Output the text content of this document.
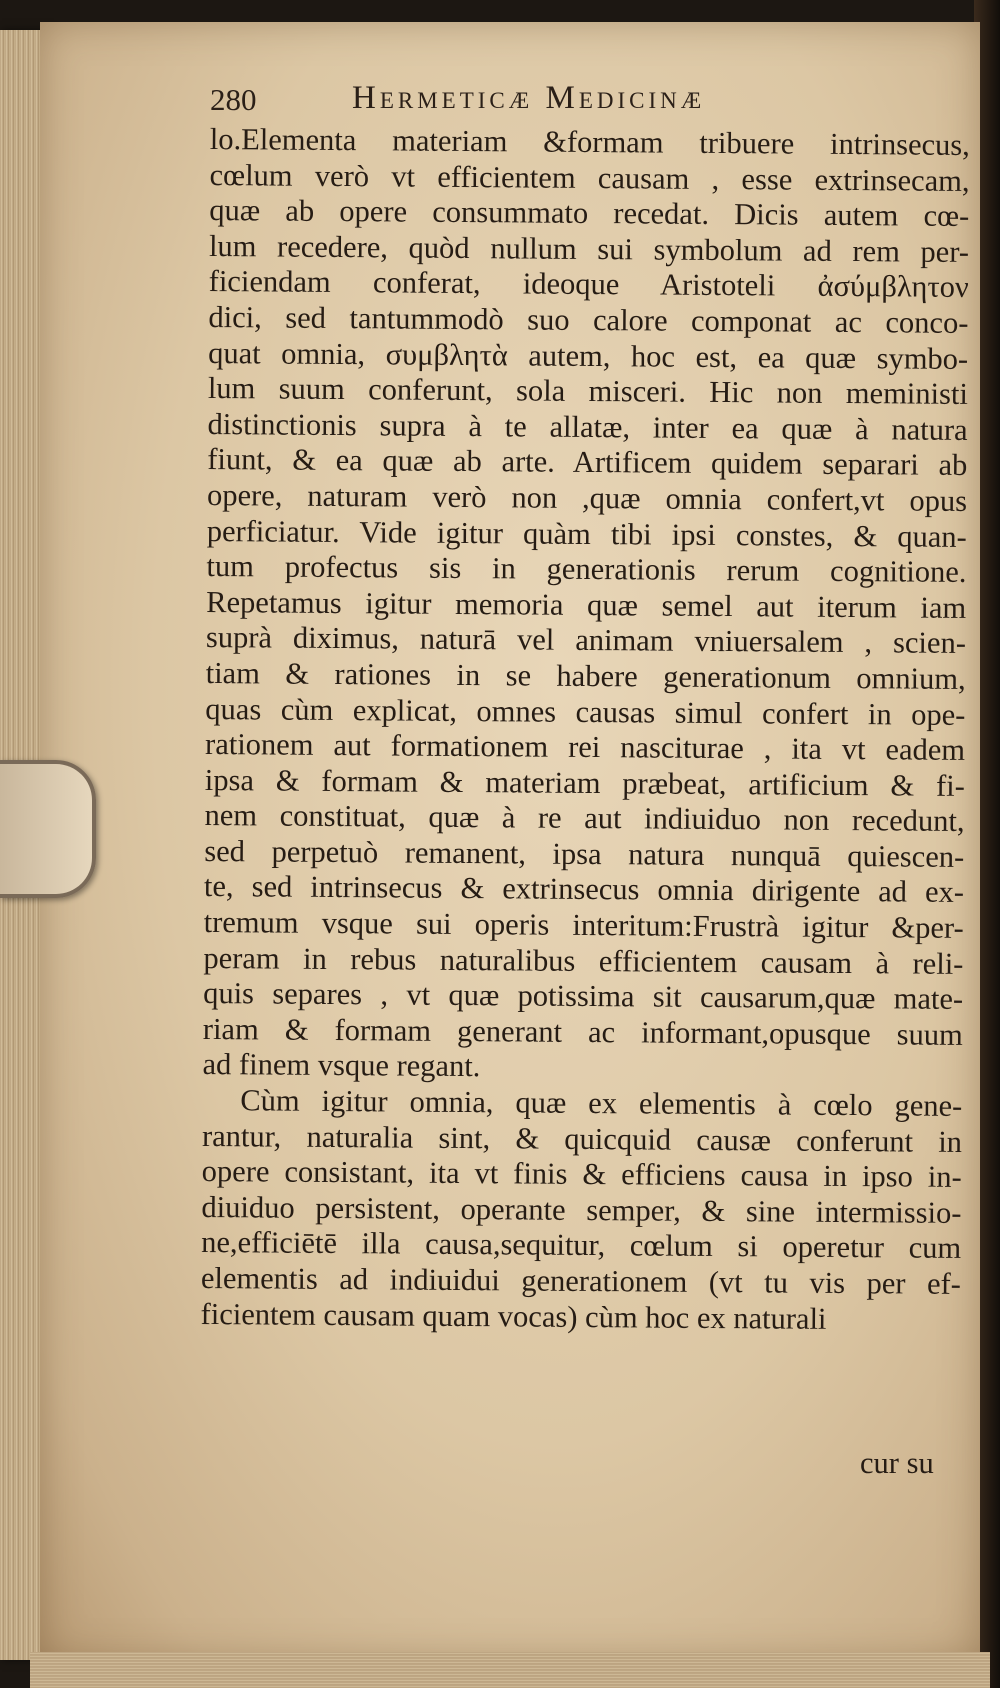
280	Hermeticæ Medicinæ
lo.Elementa materiam &formam tribuere intrinsecus,
cœlum verò vt efficientem causam , esse extrinsecam,
quæ ab opere consummato recedat. Dicis autem cœ-
lum recedere, quòd nullum sui symbolum ad rem per-
ficiendam conferat, ideoque Aristoteli ἀσύμβλητον
dici, sed tantummodò suo calore componat ac conco-
quat omnia, συμβλητὰ autem, hoc est, ea quæ symbo-
lum suum conferunt, sola misceri. Hic non meministi
distinctionis supra à te allatæ, inter ea quæ à natura
fiunt, & ea quæ ab arte. Artificem quidem separari ab
opere, naturam verò non ,quæ omnia confert,vt opus
perficiatur. Vide igitur quàm tibi ipsi constes, & quan-
tum profectus sis in generationis rerum cognitione.
Repetamus igitur memoria quæ semel aut iterum iam
suprà diximus, naturā vel animam vniuersalem , scien-
tiam & rationes in se habere generationum omnium,
quas cùm explicat, omnes causas simul confert in ope-
rationem aut formationem rei nasciturae , ita vt eadem
ipsa & formam & materiam præbeat, artificium & fi-
nem constituat, quæ à re aut indiuiduo non recedunt,
sed perpetuò remanent, ipsa natura nunquā quiescen-
te, sed intrinsecus & extrinsecus omnia dirigente ad ex-
tremum vsque sui operis interitum:Frustrà igitur &per-
peram in rebus naturalibus efficientem causam à reli-
quis separes , vt quæ potissima sit causarum,quæ mate-
riam & formam generant ac informant,opusque suum
ad finem vsque regant.
Cùm igitur omnia, quæ ex elementis à cœlo gene-
rantur, naturalia sint, & quicquid causæ conferunt in
opere consistant, ita vt finis & efficiens causa in ipso in-
diuiduo persistent, operante semper, & sine intermissio-
ne,efficiētē illa causa,sequitur, cœlum si operetur cum
elementis ad indiuidui generationem (vt tu vis per ef-
ficientem causam quam vocas) cùm hoc ex naturali
cur su
